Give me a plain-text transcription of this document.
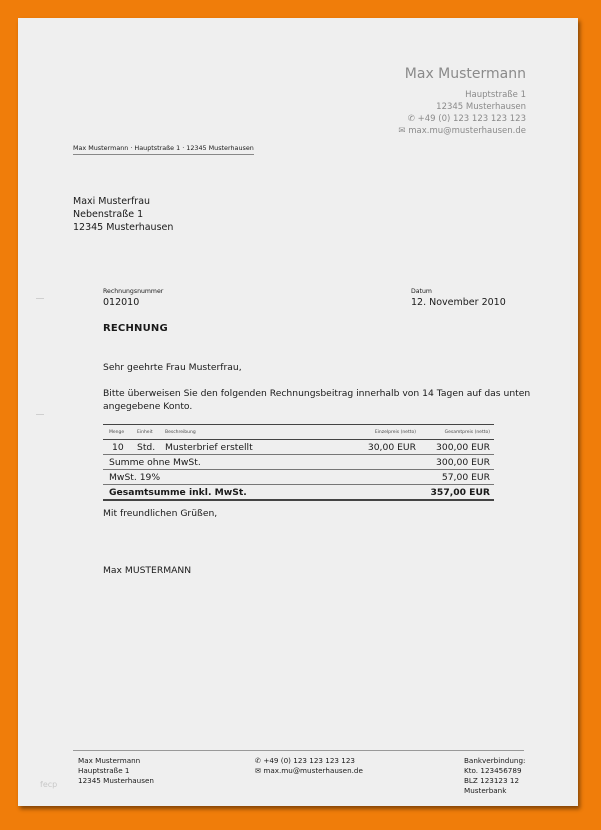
Max Mustermann
Hauptstraße 1
12345 Musterhausen
✆ +49 (0) 123 123 123 123
✉ max.mu@musterhausen.de
Max Mustermann · Hauptstraße 1 · 12345 Musterhausen
Maxi Musterfrau
Nebenstraße 1
12345 Musterhausen
Rechnungsnummer
012010
Datum
12. November 2010
RECHNUNG
Sehr geehrte Frau Musterfrau,
Bitte überweisen Sie den folgenden Rechnungsbeitrag innerhalb von 14 Tagen auf das unten
angegebene Konto.
Menge	Einheit	Beschreibung	Einzelpreis (netto)	Gesamtpreis (netto)
10	Std.	Musterbrief erstellt	30,00 EUR	300,00 EUR
Summe ohne MwSt.				300,00 EUR
MwSt. 19%				57,00 EUR
Gesamtsumme inkl. MwSt.				357,00 EUR
Mit freundlichen Grüßen,
Max MUSTERMANN
Max Mustermann
Hauptstraße 1
12345 Musterhausen
✆ +49 (0) 123 123 123 123
✉ max.mu@musterhausen.de
Bankverbindung:
Kto. 123456789
BLZ 123123 12
Musterbank
fecp
